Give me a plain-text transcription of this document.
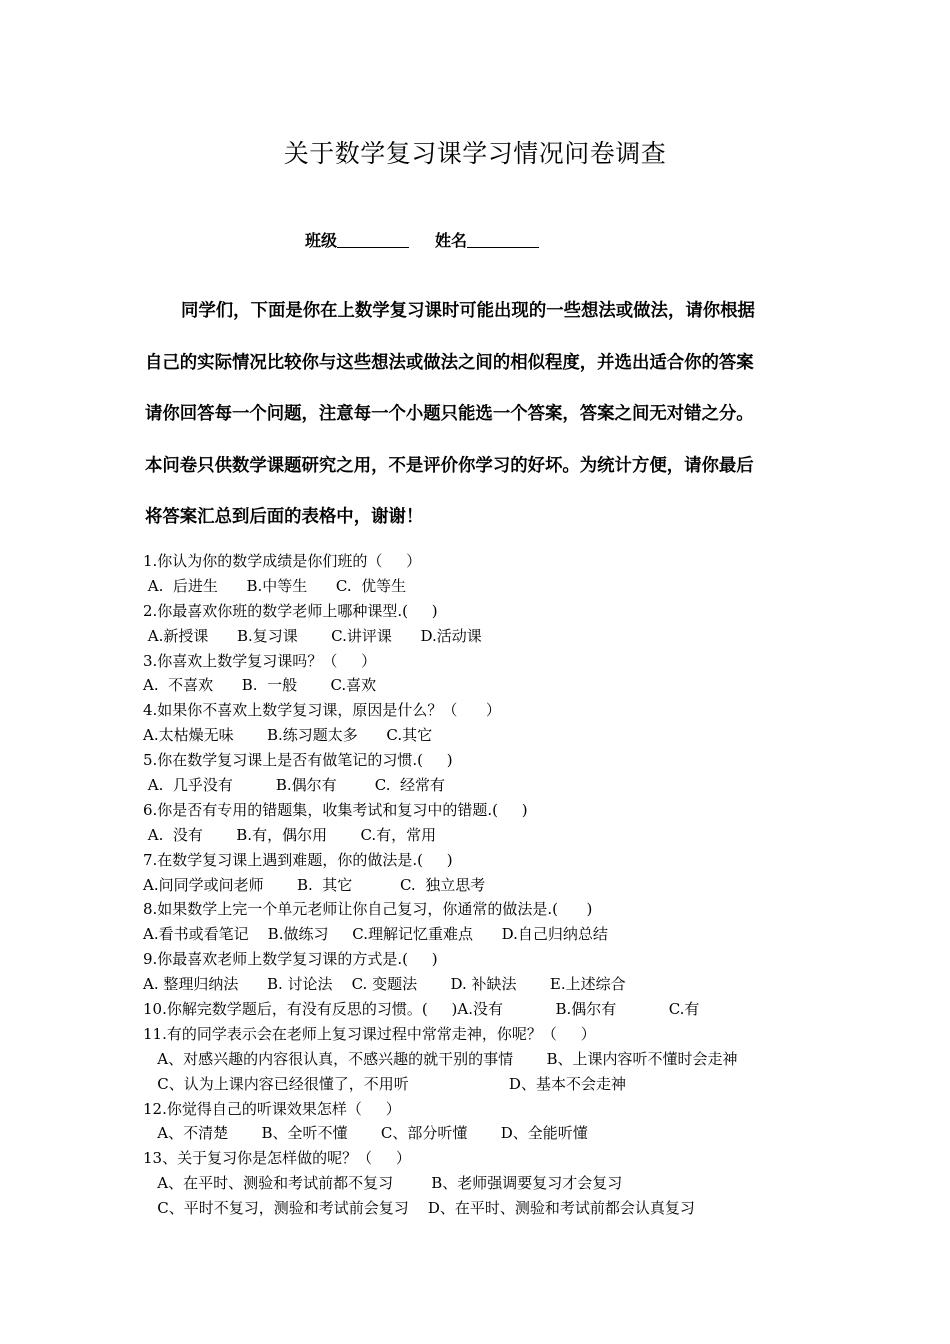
关于数学复习课学习情况问卷调查
班级	姓名
同学们，下面是你在上数学复习课时可能出现的一些想法或做法，请你根据
自己的实际情况比较你与这些想法或做法之间的相似程度，并选出适合你的答案
请你回答每一个问题，注意每一个小题只能选一个答案，答案之间无对错之分。
本问卷只供数学课题研究之用，不是评价你学习的好坏。为统计方便，请你最后
将答案汇总到后面的表格中，谢谢！
1.你认为你的数学成绩是你们班的（     ）
A.  后进生      B.中等生      C.  优等生
2.你最喜欢你班的数学老师上哪种课型.(     )
A.新授课      B.复习课       C.讲评课      D.活动课
3.你喜欢上数学复习课吗？（     ）
A.  不喜欢      B.  一般       C.喜欢
4.如果你不喜欢上数学复习课，原因是什么？（      ）
A.太枯燥无味       B.练习题太多      C.其它
5.你在数学复习课上是否有做笔记的习惯.(     )
A.  几乎没有         B.偶尔有        C.  经常有
6.你是否有专用的错题集，收集考试和复习中的错题.(     )
A.  没有       B.有，偶尔用       C.有，常用
7.在数学复习课上遇到难题，你的做法是.(     )
A.问同学或问老师       B.  其它          C.  独立思考
8.如果数学上完一个单元老师让你自己复习，你通常的做法是.(      )
A.看书或看笔记    B.做练习     C.理解记忆重难点      D.自己归纳总结
9.你最喜欢老师上数学复习课的方式是.(     )
A. 整理归纳法      B. 讨论法    C. 变题法       D. 补缺法       E.上述综合
10.你解完数学题后，有没有反思的习惯。(     )A.没有           B.偶尔有           C.有
11.有的同学表示会在老师上复习课过程中常常走神，你呢？（     ）
A、对感兴趣的内容很认真，不感兴趣的就干别的事情       B、上课内容听不懂时会走神
C、认为上课内容已经很懂了，不用听                     D、基本不会走神
12.你觉得自己的听课效果怎样（     ）
A、不清楚       B、全听不懂       C、部分听懂       D、全能听懂
13、关于复习你是怎样做的呢？（     ）
A、在平时、测验和考试前都不复习        B、老师强调要复习才会复习
C、平时不复习，测验和考试前会复习    D、在平时、测验和考试前都会认真复习
